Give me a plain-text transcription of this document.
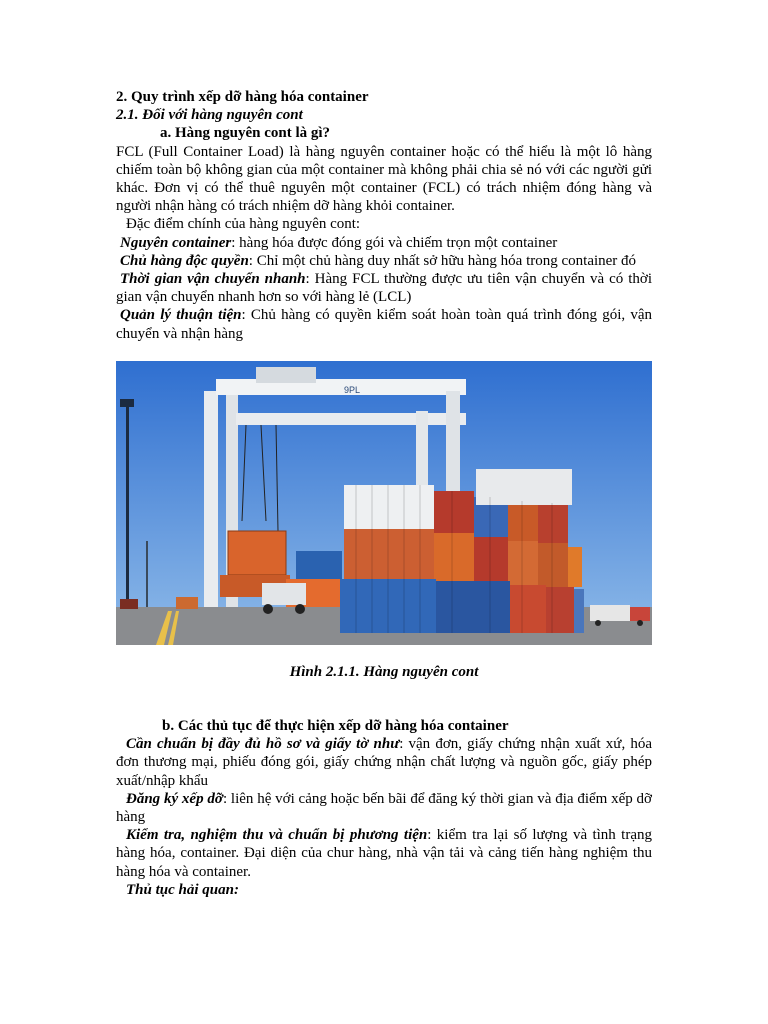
2. Quy trình xếp dỡ hàng hóa container

2.1. Đối với hàng nguyên cont

a. Hàng nguyên cont là gì?

FCL (Full Container Load) là hàng nguyên container hoặc có thể hiểu là một lô hàng chiếm toàn bộ không gian của một container mà không phải chia sẻ nó với các người gửi khác. Đơn vị có thể thuê nguyên một container (FCL) có trách nhiệm đóng hàng và người nhận hàng có trách nhiệm dỡ hàng khỏi container.

Đặc điểm chính của hàng nguyên cont:

Nguyên container: hàng hóa được đóng gói và chiếm trọn một container

Chủ hàng độc quyền: Chỉ một chủ hàng duy nhất sở hữu hàng hóa trong container đó

Thời gian vận chuyển nhanh: Hàng FCL thường được ưu tiên vận chuyển và có thời gian vận chuyển nhanh hơn so với hàng lẻ (LCL)

Quản lý thuận tiện: Chủ hàng có quyền kiểm soát hoàn toàn quá trình đóng gói, vận chuyển và nhận hàng

9PL

Hình 2.1.1. Hàng nguyên cont

b. Các thủ tục để thực hiện xếp dỡ hàng hóa container

Cần chuẩn bị đầy đủ hồ sơ và giấy tờ như: vận đơn, giấy chứng nhận xuất xứ, hóa đơn thương mại, phiếu đóng gói, giấy chứng nhận chất lượng và nguồn gốc, giấy phép xuất/nhập khẩu

Đăng ký xếp dỡ: liên hệ với cảng hoặc bến bãi để đăng ký thời gian và địa điểm xếp dỡ hàng

Kiểm tra, nghiệm thu và chuẩn bị phương tiện: kiểm tra lại số lượng và tình trạng hàng hóa, container. Đại diện của chur hàng, nhà vận tải và cảng tiến hàng nghiệm thu hàng hóa và container.

Thủ tục hải quan:
